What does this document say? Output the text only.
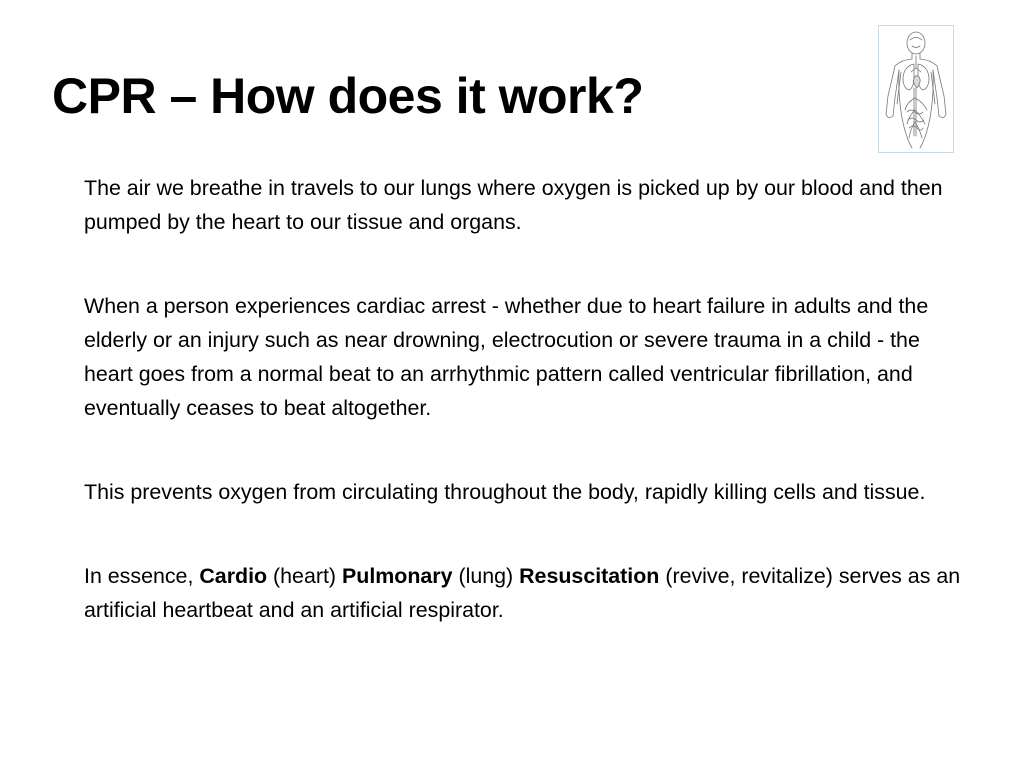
CPR – How does it work?

The air we breathe in travels to our lungs where oxygen is picked up by our blood and then pumped by the heart to our tissue and organs.

When a person experiences cardiac arrest - whether due to heart failure in adults and the elderly or an injury such as near drowning, electrocution or severe trauma in a child - the heart goes from a normal beat to an arrhythmic pattern called ventricular fibrillation, and eventually ceases to beat altogether.

This prevents oxygen from circulating throughout the body, rapidly killing cells and tissue.

In essence, Cardio (heart) Pulmonary (lung) Resuscitation (revive, revitalize) serves as an artificial heartbeat and an artificial respirator.
